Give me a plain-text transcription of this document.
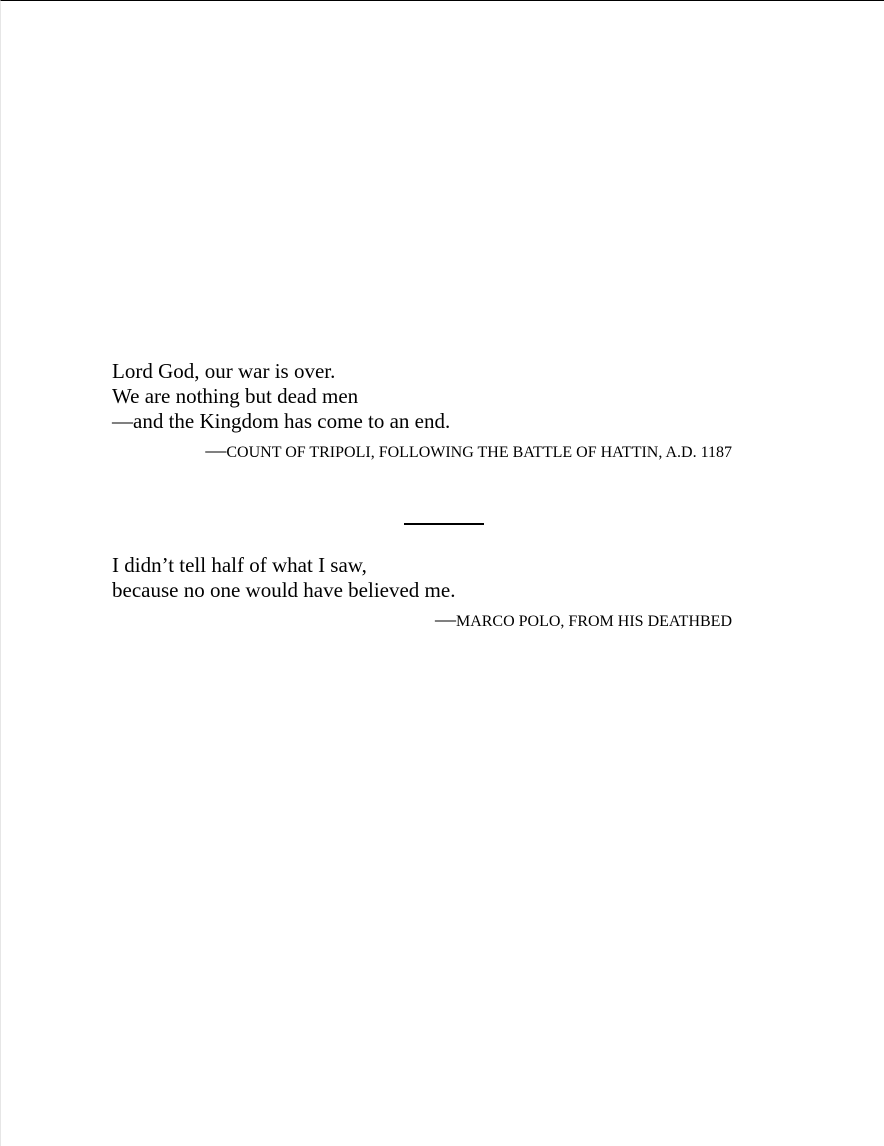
Lord God, our war is over.
We are nothing but dead men
—and the Kingdom has come to an end.
—COUNT OF TRIPOLI, FOLLOWING THE BATTLE OF HATTIN, A.D. 1187
I didn’t tell half of what I saw,
because no one would have believed me.
—MARCO POLO, FROM HIS DEATHBED
